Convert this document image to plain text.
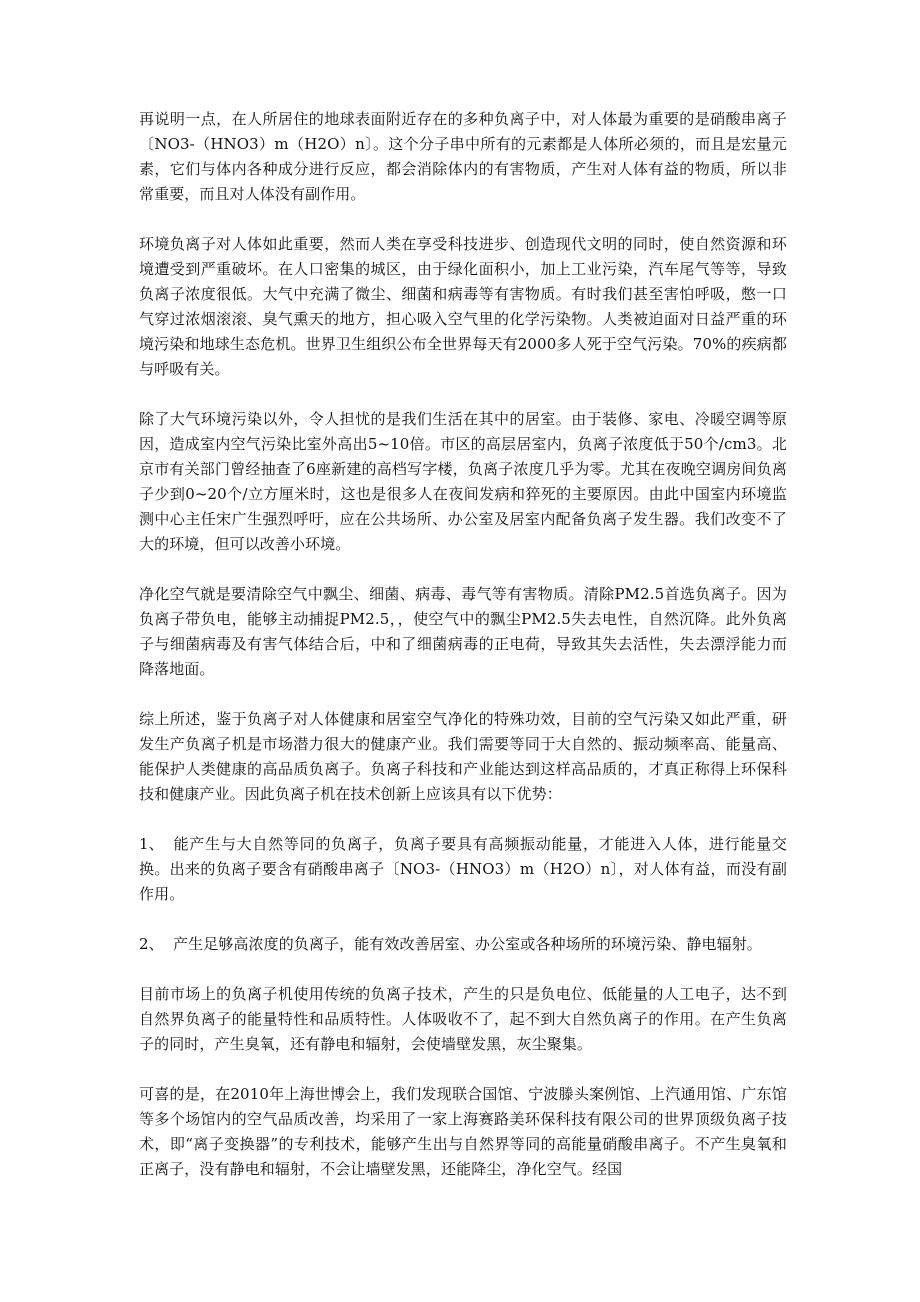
再说明一点，在人所居住的地球表面附近存在的多种负离子中，对人体最为重要的是硝酸串离子〔NO3-（HNO3）m（H2O）n〕。这个分子串中所有的元素都是人体所必须的，而且是宏量元素，它们与体内各种成分进行反应，都会消除体内的有害物质，产生对人体有益的物质，所以非常重要，而且对人体没有副作用。

环境负离子对人体如此重要，然而人类在享受科技进步、创造现代文明的同时，使自然资源和环境遭受到严重破坏。在人口密集的城区，由于绿化面积小，加上工业污染，汽车尾气等等，导致负离子浓度很低。大气中充满了微尘、细菌和病毒等有害物质。有时我们甚至害怕呼吸，憋一口气穿过浓烟滚滚、臭气熏天的地方，担心吸入空气里的化学污染物。人类被迫面对日益严重的环境污染和地球生态危机。世界卫生组织公布全世界每天有2000多人死于空气污染。70%的疾病都与呼吸有关。

除了大气环境污染以外，令人担忧的是我们生活在其中的居室。由于装修、家电、冷暖空调等原因，造成室内空气污染比室外高出5~10倍。市区的高层居室内，负离子浓度低于50个/cm3。北京市有关部门曾经抽查了6座新建的高档写字楼，负离子浓度几乎为零。尤其在夜晚空调房间负离子少到0~20个/立方厘米时，这也是很多人在夜间发病和猝死的主要原因。由此中国室内环境监测中心主任宋广生强烈呼吁，应在公共场所、办公室及居室内配备负离子发生器。我们改变不了大的环境，但可以改善小环境。

净化空气就是要清除空气中飘尘、细菌、病毒、毒气等有害物质。清除PM2.5首选负离子。因为负离子带负电，能够主动捕捉PM2.5，，使空气中的飘尘PM2.5失去电性，自然沉降。此外负离子与细菌病毒及有害气体结合后，中和了细菌病毒的正电荷，导致其失去活性，失去漂浮能力而降落地面。

综上所述，鉴于负离子对人体健康和居室空气净化的特殊功效，目前的空气污染又如此严重，研发生产负离子机是市场潜力很大的健康产业。我们需要等同于大自然的、振动频率高、能量高、能保护人类健康的高品质负离子。负离子科技和产业能达到这样高品质的，才真正称得上环保科技和健康产业。因此负离子机在技术创新上应该具有以下优势：

1、 能产生与大自然等同的负离子，负离子要具有高频振动能量，才能进入人体，进行能量交换。出来的负离子要含有硝酸串离子〔NO3-（HNO3）m（H2O）n〕，对人体有益，而没有副作用。

2、 产生足够高浓度的负离子，能有效改善居室、办公室或各种场所的环境污染、静电辐射。

目前市场上的负离子机使用传统的负离子技术，产生的只是负电位、低能量的人工电子，达不到自然界负离子的能量特性和品质特性。人体吸收不了，起不到大自然负离子的作用。在产生负离子的同时，产生臭氧，还有静电和辐射，会使墙壁发黑，灰尘聚集。

可喜的是，在2010年上海世博会上，我们发现联合国馆、宁波滕头案例馆、上汽通用馆、广东馆等多个场馆内的空气品质改善，均采用了一家上海赛路美环保科技有限公司的世界顶级负离子技术，即“离子变换器”的专利技术，能够产生出与自然界等同的高能量硝酸串离子。不产生臭氧和正离子，没有静电和辐射，不会让墙壁发黑，还能降尘，净化空气。经国
